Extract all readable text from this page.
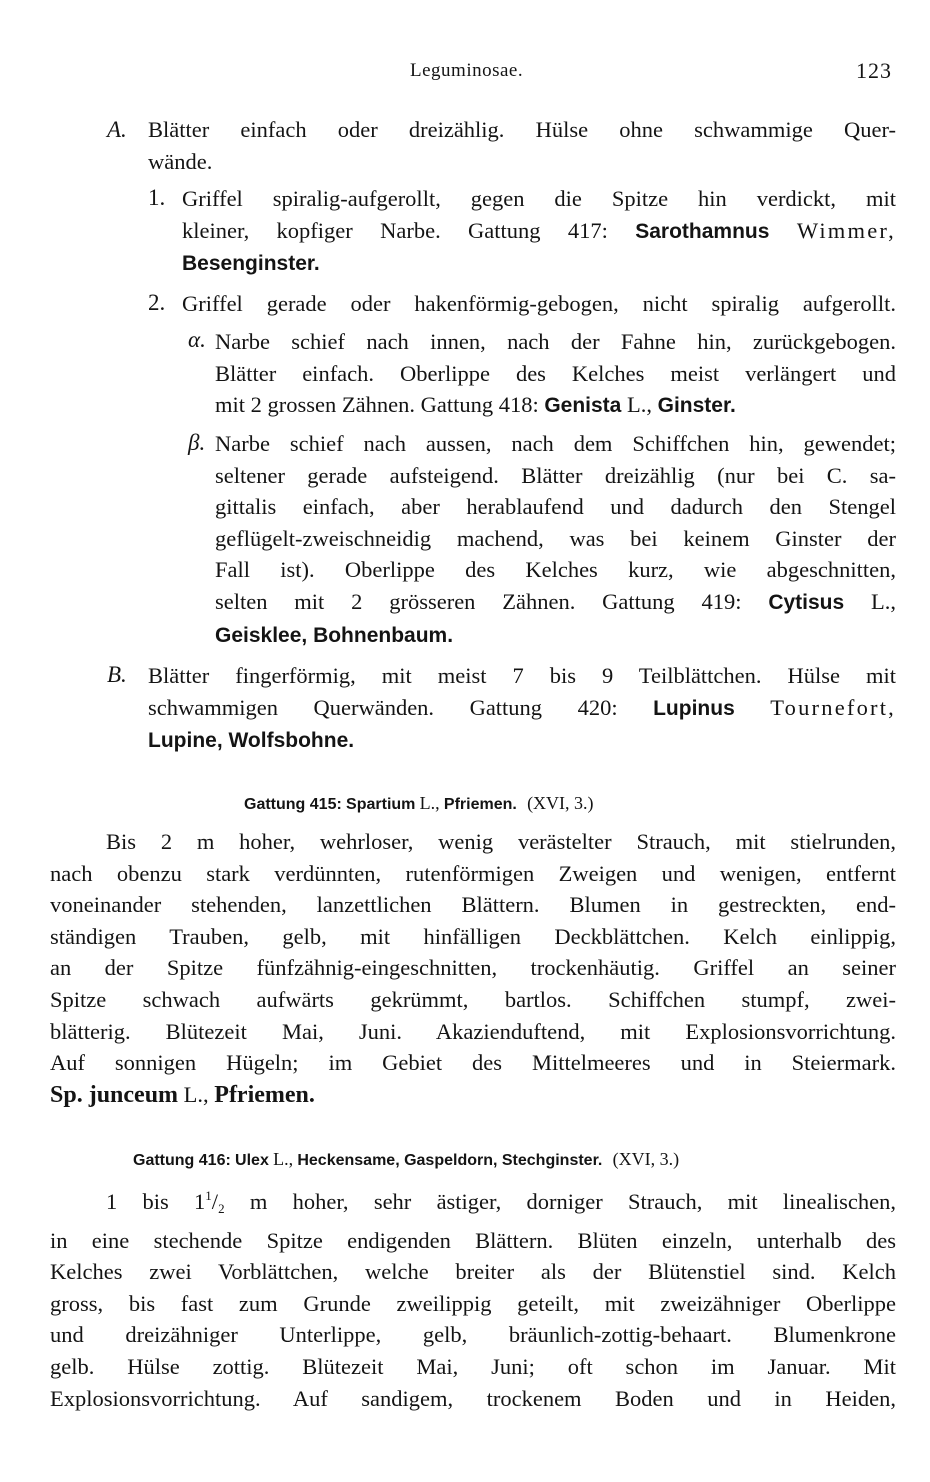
Leguminosae.	123
A. Blätter einfach oder dreizählig. Hülse ohne schwammige Quer-
wände.
1. Griffel spiralig-aufgerollt, gegen die Spitze hin verdickt, mit
kleiner, kopfiger Narbe. Gattung 417: Sarothamnus Wimmer,
Besenginster.
2. Griffel gerade oder hakenförmig-gebogen, nicht spiralig aufgerollt.
α. Narbe schief nach innen, nach der Fahne hin, zurückgebogen.
Blätter einfach. Oberlippe des Kelches meist verlängert und
mit 2 grossen Zähnen. Gattung 418: Genista L., Ginster.
β. Narbe schief nach aussen, nach dem Schiffchen hin, gewendet;
seltener gerade aufsteigend. Blätter dreizählig (nur bei C. sa-
gittalis einfach, aber herablaufend und dadurch den Stengel
geflügelt-zweischneidig machend, was bei keinem Ginster der
Fall ist). Oberlippe des Kelches kurz, wie abgeschnitten,
selten mit 2 grösseren Zähnen. Gattung 419: Cytisus L.,
Geisklee, Bohnenbaum.
B. Blätter fingerförmig, mit meist 7 bis 9 Teilblättchen. Hülse mit
schwammigen Querwänden. Gattung 420: Lupinus Tournefort,
Lupine, Wolfsbohne.
Gattung 415: Spartium L., Pfriemen. (XVI, 3.)
Bis 2 m hoher, wehrloser, wenig verästelter Strauch, mit stielrunden,
nach obenzu stark verdünnten, rutenförmigen Zweigen und wenigen, entfernt
voneinander stehenden, lanzettlichen Blättern. Blumen in gestreckten, end-
ständigen Trauben, gelb, mit hinfälligen Deckblättchen. Kelch einlippig,
an der Spitze fünfzähnig-eingeschnitten, trockenhäutig. Griffel an seiner
Spitze schwach aufwärts gekrümmt, bartlos. Schiffchen stumpf, zwei-
blätterig. Blütezeit Mai, Juni. Akazienduftend, mit Explosionsvorrichtung.
Auf sonnigen Hügeln; im Gebiet des Mittelmeeres und in Steiermark.
Sp. junceum L., Pfriemen.
Gattung 416: Ulex L., Heckensame, Gaspeldorn, Stechginster. (XVI, 3.)
1 bis $1^1/_2$ m hoher, sehr ästiger, dorniger Strauch, mit linealischen,
in eine stechende Spitze endigenden Blättern. Blüten einzeln, unterhalb des
Kelches zwei Vorblättchen, welche breiter als der Blütenstiel sind. Kelch
gross, bis fast zum Grunde zweilippig geteilt, mit zweizähniger Oberlippe
und dreizähniger Unterlippe, gelb, bräunlich-zottig-behaart. Blumenkrone
gelb. Hülse zottig. Blütezeit Mai, Juni; oft schon im Januar. Mit
Explosionsvorrichtung. Auf sandigem, trockenem Boden und in Heiden,
